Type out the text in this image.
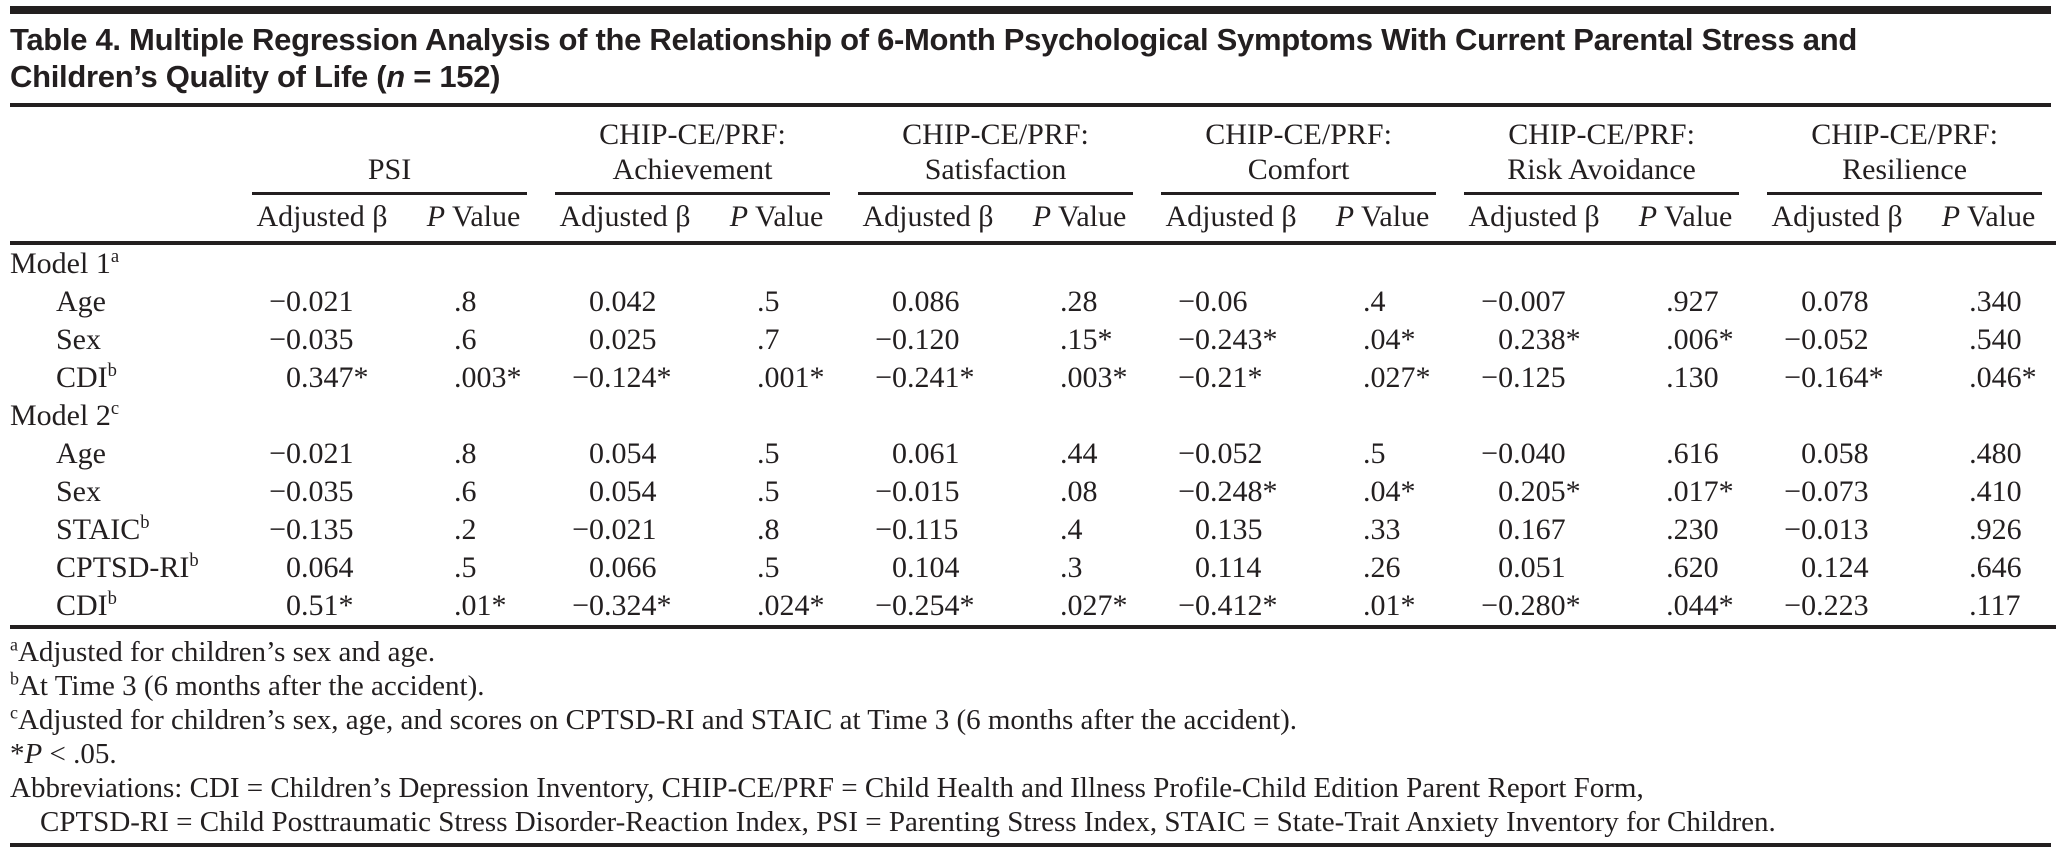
Table 4. Multiple Regression Analysis of the Relationship of 6-Month Psychological Symptoms With Current Parental Stress and
Children’s Quality of Life (n = 152)

PSI

CHIP-CE/PRF:
Achievement

CHIP-CE/PRF:
Satisfaction

CHIP-CE/PRF:
Comfort

CHIP-CE/PRF:
Risk Avoidance

CHIP-CE/PRF:
Resilience

	Adjusted β	P Value	Adjusted β	P Value	Adjusted β	P Value	Adjusted β	P Value	Adjusted β	P Value	Adjusted β	P Value
Model 1$^a$												
Age	−0.021	.8	0.042	.5	0.086	.28	−0.06	.4	−0.007	.927	0.078	.340
Sex	−0.035	.6	0.025	.7	−0.120	.15*	−0.243*	.04*	0.238*	.006*	−0.052	.540
CDI$^b$	0.347*	.003*	−0.124*	.001*	−0.241*	.003*	−0.21*	.027*	−0.125	.130	−0.164*	.046*
Model 2$^c$												
Age	−0.021	.8	0.054	.5	0.061	.44	−0.052	.5	−0.040	.616	0.058	.480
Sex	−0.035	.6	0.054	.5	−0.015	.08	−0.248*	.04*	0.205*	.017*	−0.073	.410
$STAIC^b$	−0.135	.2	−0.021	.8	−0.115	.4	0.135	.33	0.167	.230	−0.013	.926
CPTSD-$RI^b$	0.064	.5	0.066	.5	0.104	.3	0.114	.26	0.051	.620	0.124	.646
CDI$^b$	0.51*	.01*	−0.324*	.024*	−0.254*	.027*	−0.412*	.01*	−0.280*	.044*	−0.223	.117
$^a$Adjusted for children’s sex and age.
$^b$At Time 3 (6 months after the accident).
$^c$Adjusted for children’s sex, age, and scores on CPTSD-RI and STAIC at Time 3 (6 months after the accident).
*P < .05.
Abbreviations: CDI = Children’s Depression Inventory, CHIP-CE/PRF = Child Health and Illness Profile-Child Edition Parent Report Form,
CPTSD-RI = Child Posttraumatic Stress Disorder-Reaction Index, PSI = Parenting Stress Index, STAIC = State-Trait Anxiety Inventory for Children.
